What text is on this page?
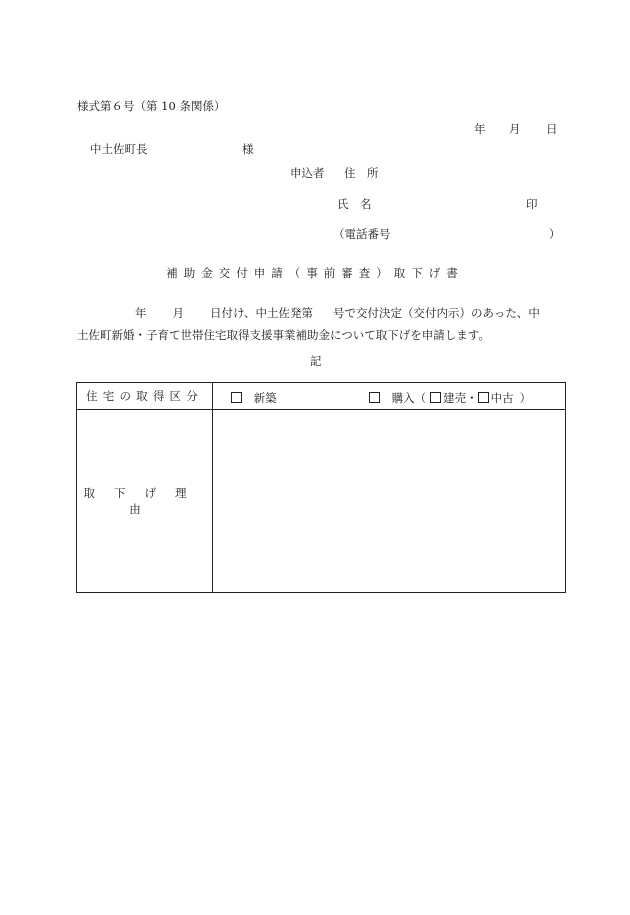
様式第６号（第 10 条関係）
年 月 日
中土佐町長	様
申込者 住　所
氏　名	印
（電話番号	）
補助金交付申請（事前審査）取下げ書
年 月 日付け、中土佐発第 号で交付決定（交付内示）のあった、中
土佐町新婚・子育て世帯住宅取得支援事業補助金について取下げを申請します。
記
住宅の取得区分	新築 購入（ 建売・ 中古 ）

取下げ理由	
